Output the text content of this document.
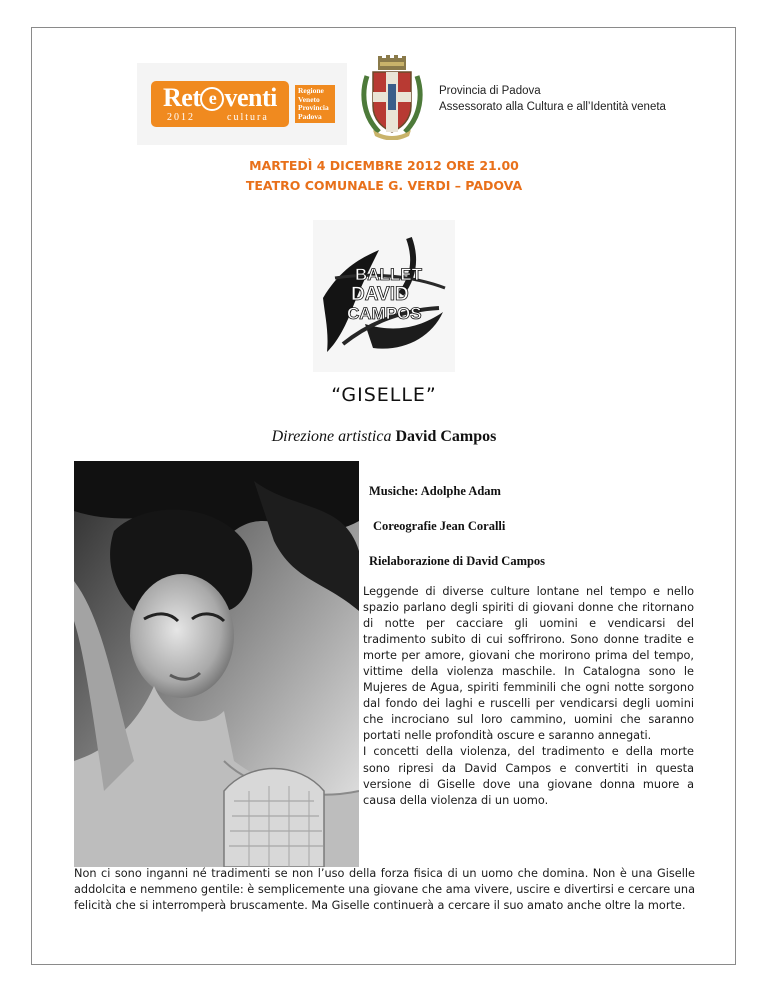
Ret e venti
2012	cultura
Regione
Veneto
Provincia
Padova
Provincia di Padova
Assessorato alla Cultura e all’Identità veneta
MARTEDÌ 4 DICEMBRE 2012 ORE 21.00
TEATRO COMUNALE G. VERDI – PADOVA
BALLET
DAVID
CAMPOS
“GISELLE”
Direzione artistica David Campos
Musiche: Adolphe Adam
Coreografie Jean Coralli
Rielaborazione di David Campos

Leggende di diverse culture lontane nel tempo e nello spazio parlano degli spiriti di giovani donne che ritornano di notte per cacciare gli uomini e vendicarsi del tradimento subito di cui soffrirono. Sono donne tradite e morte per amore, giovani che morirono prima del tempo, vittime della violenza maschile. In Catalogna sono le Mujeres de Agua, spiriti femminili che ogni notte sorgono dal fondo dei laghi e ruscelli per vendicarsi degli uomini che incrociano sul loro cammino, uomini che saranno portati nelle profondità oscure e saranno annegati.

I concetti della violenza, del tradimento e della morte sono ripresi da David Campos e convertiti in questa versione di Giselle dove una giovane donna muore a causa della violenza di un uomo.

Non ci sono inganni né tradimenti se non l’uso della forza fisica di un uomo che domina. Non è una Giselle addolcita e nemmeno gentile: è semplicemente una giovane che ama vivere, uscire e divertirsi e cercare una felicità che si interromperà bruscamente. Ma Giselle continuerà a cercare il suo amato anche oltre la morte.
